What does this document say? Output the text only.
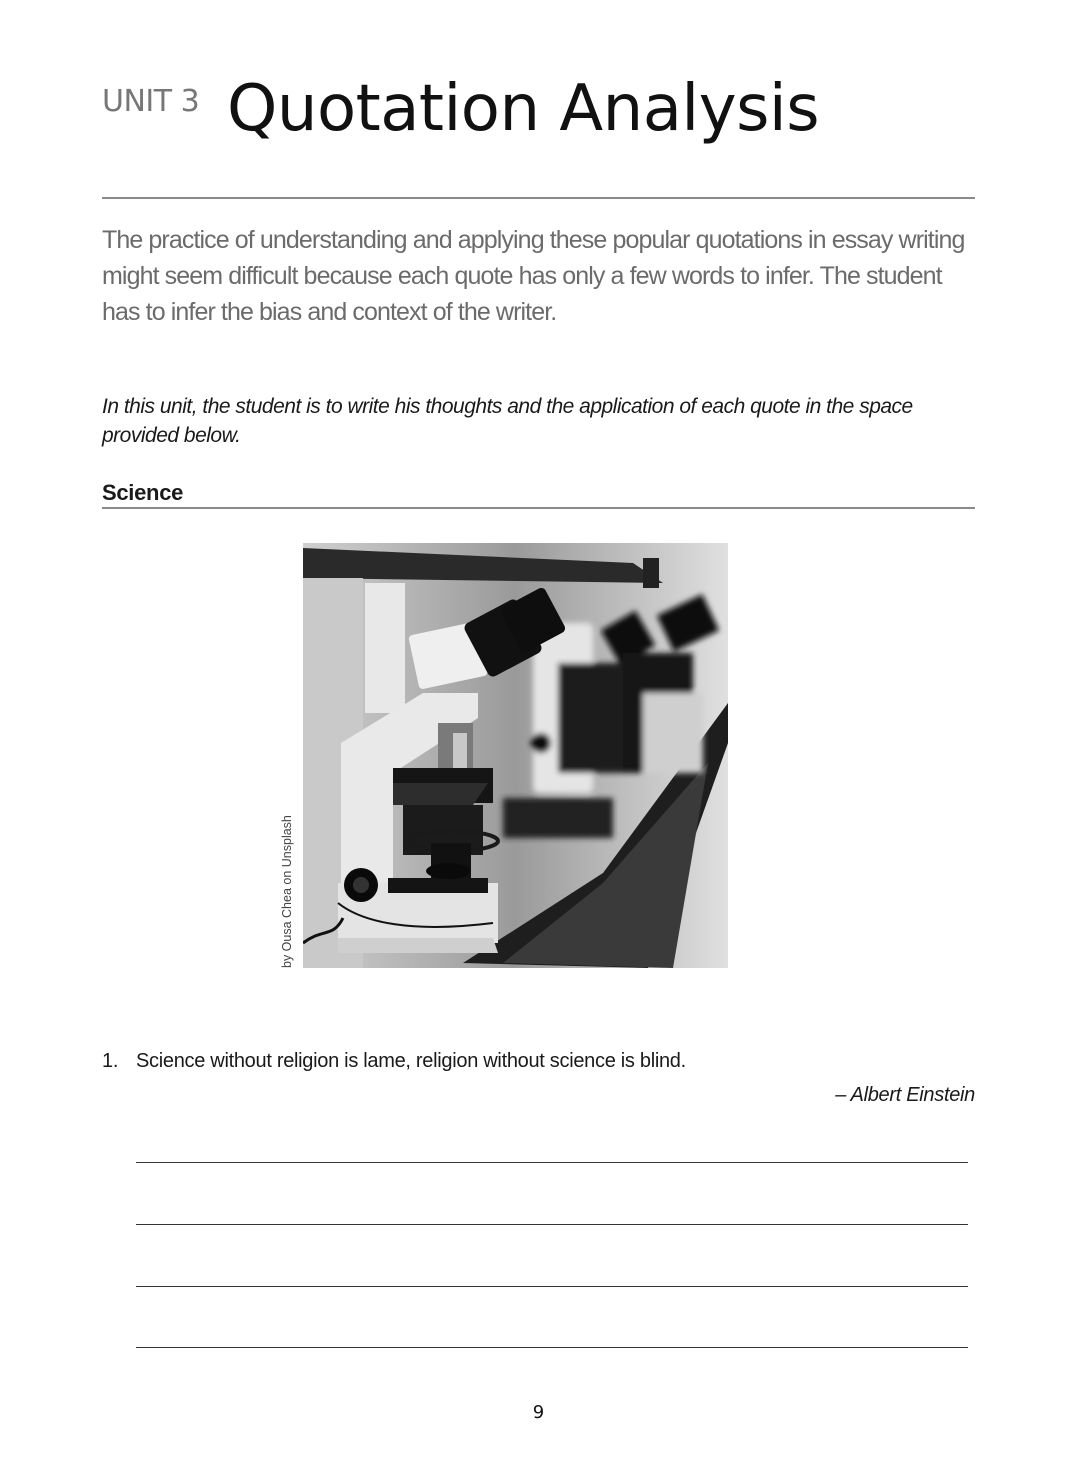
UNIT 3 Quotation Analysis

The practice of understanding and applying these popular quotations in essay writing might seem difficult because each quote has only a few words to infer. The student has to infer the bias and context of the writer.

In this unit, the student is to write his thoughts and the application of each quote in the space provided below.

Science
by Ousa Chea on Unsplash
1. Science without religion is lame, religion without science is blind.
– Albert Einstein
9
